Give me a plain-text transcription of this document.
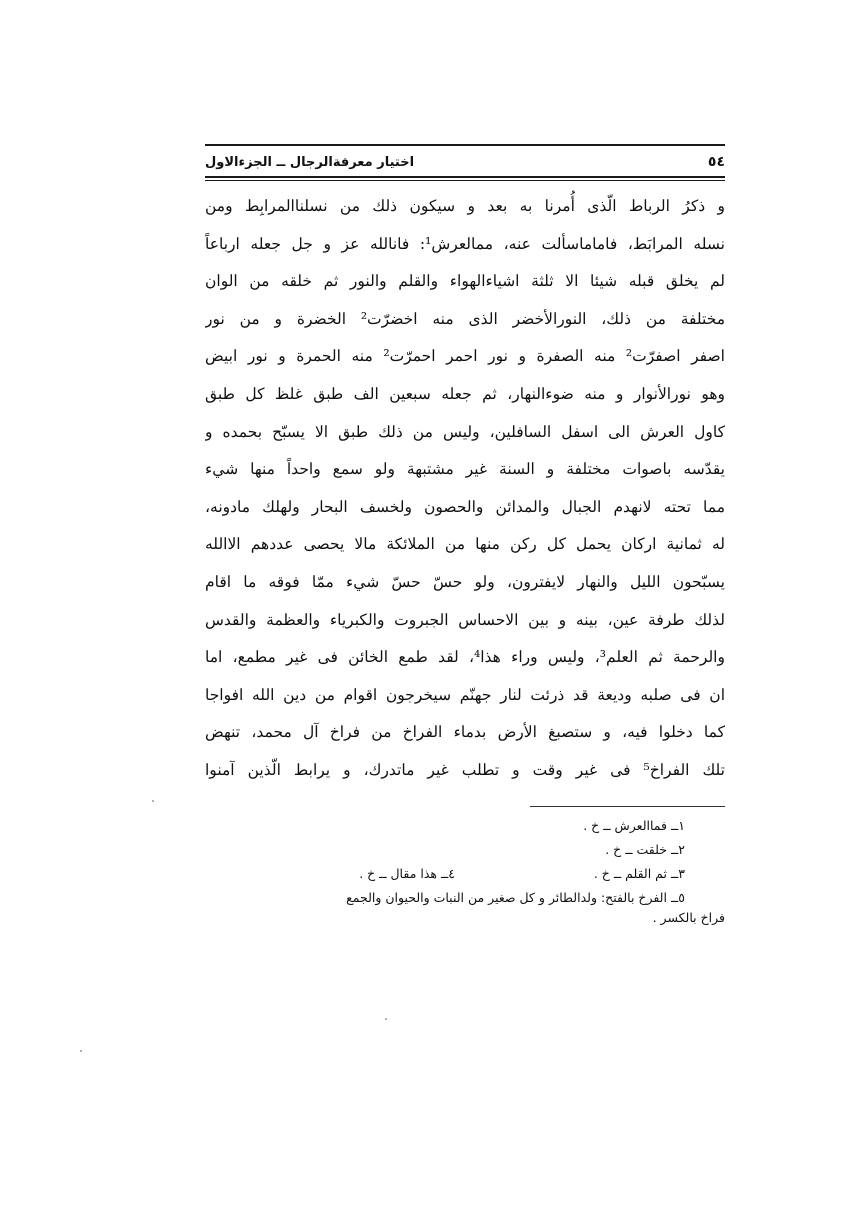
٥٤
اختيار معرفةالرجال ــ الجزءالاول
و ذكرُ الرباط الّذى أُمرنا به بعد و سيكون ذلك من نسلناالمرابِط ومن
نسله المرابَط، فاماماسألت عنه، ممالعرش¹: فانالله عز و جل جعله ارباعاً
لم يخلق قبله شيئا الا ثلثة اشياءالهواء والقلم والنور ثم خلقه من الوان
مختلفة من ذلك، النورالأخضر الذى منه اخضرّت² الخضرة و من نور
اصفر اصفرّت² منه الصفرة و نور احمر احمرّت² منه الحمرة و نور ابيض
وهو نورالأنوار و منه ضوءالنهار، ثم جعله سبعين الف طبق غلظ كل طبق
كاول العرش الى اسفل السافلين، وليس من ذلك طبق الا يسبّح بحمده و
يقدّسه باصوات مختلفة و السنة غير مشتبهة ولو سمع واحداً منها شيء
مما تحته لانهدم الجبال والمدائن والحصون ولخسف البحار ولهلك مادونه،
له ثمانية اركان يحمل كل ركن منها من الملائكة مالا يحصى عددهم الاالله
يسبّحون الليل والنهار لايفترون، ولو حسّ حسّ شيء ممّا فوقه ما اقام
لذلك طرفة عين، بينه و بين الاحساس الجبروت والكبرياء والعظمة والقدس
والرحمة ثم العلم³، وليس وراء هذا⁴، لقد طمع الخائن فى غير مطمع، اما
ان فى صلبه وديعة قد ذرئت لنار جهنّم سيخرجون اقوام من دين الله افواجا
كما دخلوا فيه، و ستصبغ الأرض بدماء الفراخ من فراخ آل محمد، تنهض
تلك الفراخ⁵ فى غير وقت و تطلب غير ماتدرك، و يرابط الّذين آمنوا
١ــ فماالعرش ــ خ .
٢ــ خلقت ــ خ .
٣ــ ثم القلم ــ خ .
٤ــ هذا مقال ــ خ .
٥ــ الفرخ بالفتح: ولدالطائر و كل صغير من النبات والحيوان والجمع
فراخ بالكسر .
